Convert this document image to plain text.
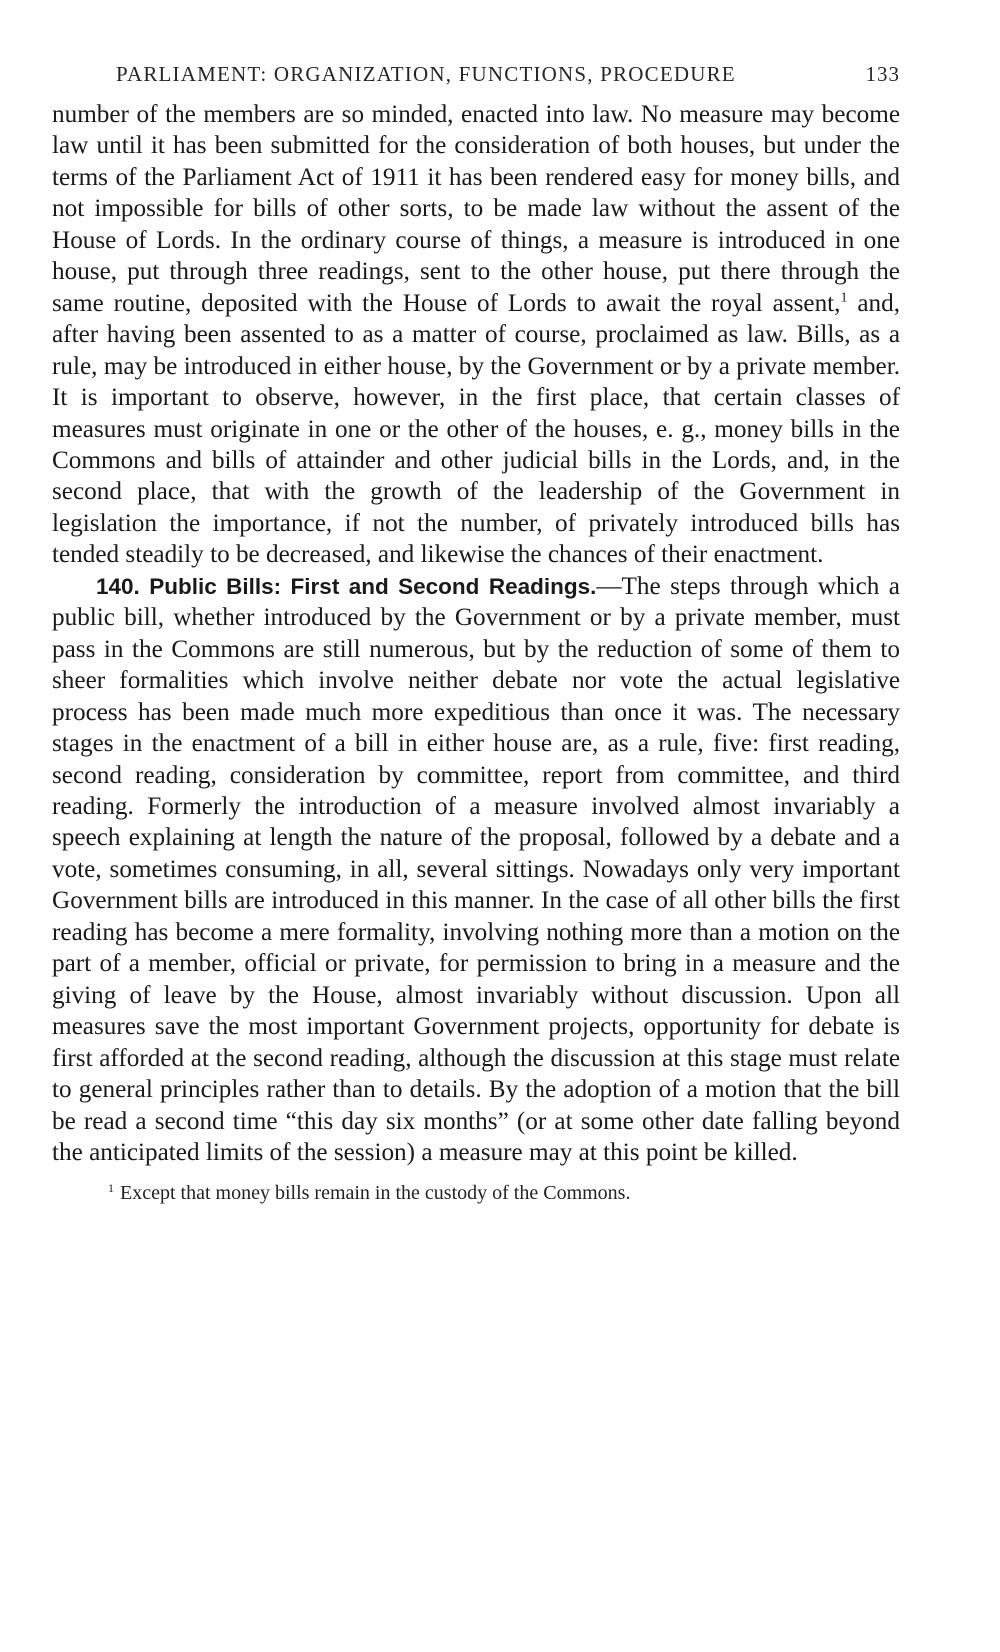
PARLIAMENT: ORGANIZATION, FUNCTIONS, PROCEDURE	133

number of the members are so minded, enacted into law. No measure may become law until it has been submitted for the consideration of both houses, but under the terms of the Parliament Act of 1911 it has been rendered easy for money bills, and not impossible for bills of other sorts, to be made law without the assent of the House of Lords. In the ordinary course of things, a measure is introduced in one house, put through three readings, sent to the other house, put there through the same routine, deposited with the House of Lords to await the royal assent,$^1$ and, after having been assented to as a matter of course, proclaimed as law. Bills, as a rule, may be introduced in either house, by the Government or by a private member. It is important to observe, however, in the first place, that certain classes of measures must originate in one or the other of the houses, e. g., money bills in the Commons and bills of attainder and other judicial bills in the Lords, and, in the second place, that with the growth of the leadership of the Government in legislation the importance, if not the number, of privately introduced bills has tended steadily to be decreased, and likewise the chances of their enactment.

140. Public Bills: First and Second Readings.—The steps through which a public bill, whether introduced by the Government or by a private member, must pass in the Commons are still numerous, but by the reduction of some of them to sheer formalities which involve neither debate nor vote the actual legislative process has been made much more expeditious than once it was. The necessary stages in the enactment of a bill in either house are, as a rule, five: first reading, second reading, consideration by committee, report from committee, and third reading. Formerly the introduction of a measure involved almost invariably a speech explaining at length the nature of the proposal, followed by a debate and a vote, sometimes consuming, in all, several sittings. Nowadays only very important Government bills are introduced in this manner. In the case of all other bills the first reading has become a mere formality, involving nothing more than a motion on the part of a member, official or private, for permission to bring in a measure and the giving of leave by the House, almost invariably without discussion. Upon all measures save the most important Government projects, opportunity for debate is first afforded at the second reading, although the discussion at this stage must relate to general principles rather than to details. By the adoption of a motion that the bill be read a second time “this day six months” (or at some other date falling beyond the anticipated limits of the session) a measure may at this point be killed.

$^1$ Except that money bills remain in the custody of the Commons.
